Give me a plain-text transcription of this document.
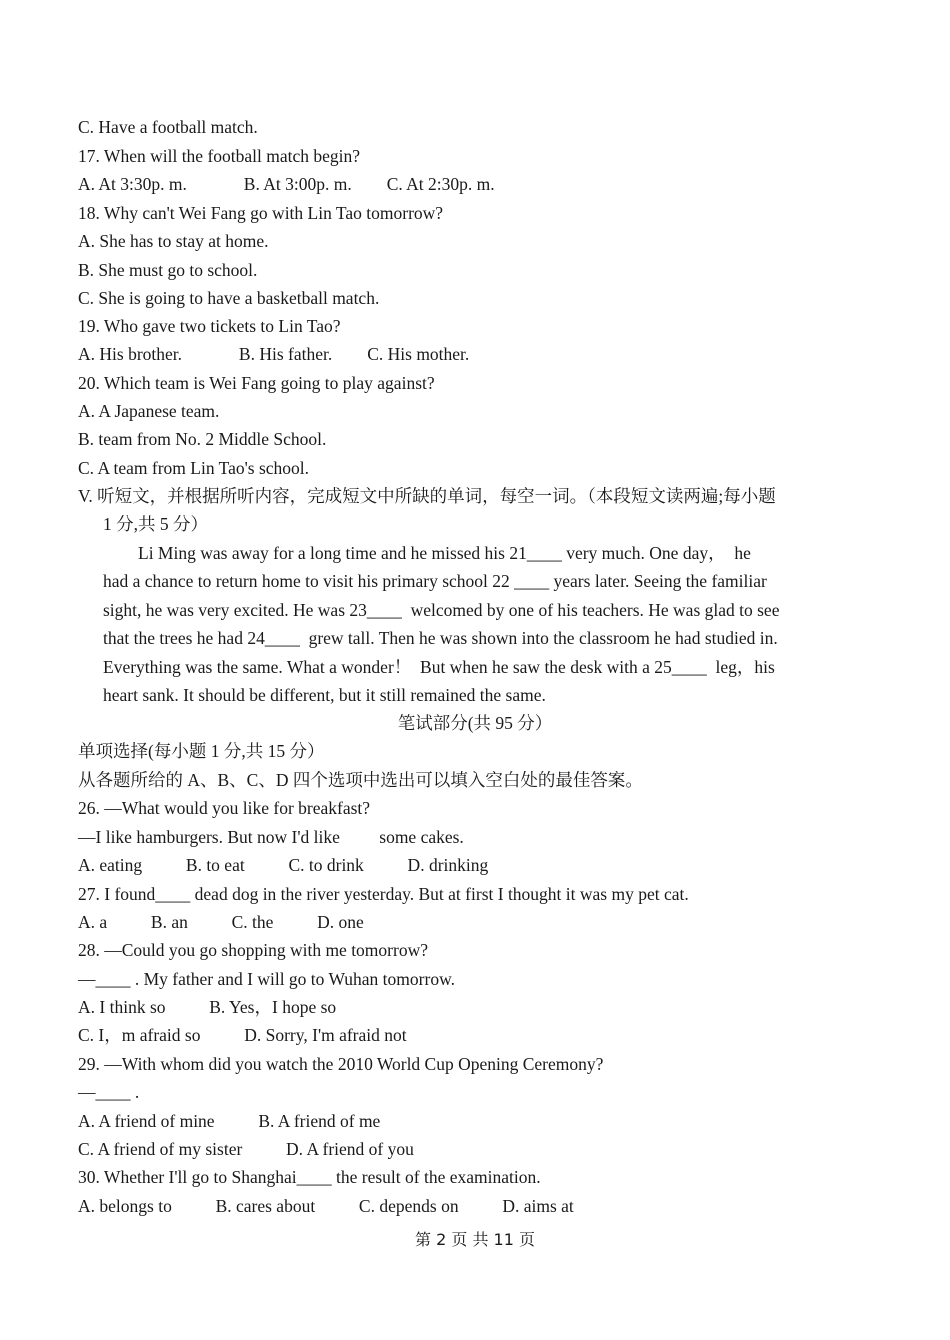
C. Have a football match.

17. When will the football match begin?

A. At 3:30p. m.             B. At 3:00p. m.        C. At 2:30p. m.

18. Why can't Wei Fang go with Lin Tao tomorrow?

A. She has to stay at home.

B. She must go to school.

C. She is going to have a basketball match.

19. Who gave two tickets to Lin Tao?

A. His brother.             B. His father.        C. His mother.

20. Which team is Wei Fang going to play against?

A. A Japanese team.

B. team from No. 2 Middle School.

C. A team from Lin Tao's school.

V. 听短文，并根据所听内容，完成短文中所缺的单词，每空一词。（本段短文读两遍;每小题

1 分,共 5 分）

Li Ming was away for a long time and he missed his 21____ very much. One day，  he

had a chance to return home to visit his primary school 22 ____ years later. Seeing the familiar

sight, he was very excited. He was 23____  welcomed by one of his teachers. He was glad to see

that the trees he had 24____  grew tall. Then he was shown into the classroom he had studied in.

Everything was the same. What a wonder！  But when he saw the desk with a 25____  leg，his

heart sank. It should be different, but it still remained the same.

笔试部分(共 95 分）

单项选择(每小题 1 分,共 15 分）

从各题所给的 A、B、C、D 四个选项中选出可以填入空白处的最佳答案。

26. —What would you like for breakfast?

—I like hamburgers. But now I'd like         some cakes.

A. eating          B. to eat          C. to drink          D. drinking

27. I found____ dead dog in the river yesterday. But at first I thought it was my pet cat.

A. a          B. an          C. the          D. one

28. —Could you go shopping with me tomorrow?

—____ . My father and I will go to Wuhan tomorrow.

A. I think so          B. Yes，I hope so

C. I，m afraid so          D. Sorry, I'm afraid not

29. —With whom did you watch the 2010 World Cup Opening Ceremony?

—____ .

A. A friend of mine          B. A friend of me

C. A friend of my sister          D. A friend of you

30. Whether I'll go to Shanghai____ the result of the examination.

A. belongs to          B. cares about          C. depends on          D. aims at

第 2 页 共 11 页
